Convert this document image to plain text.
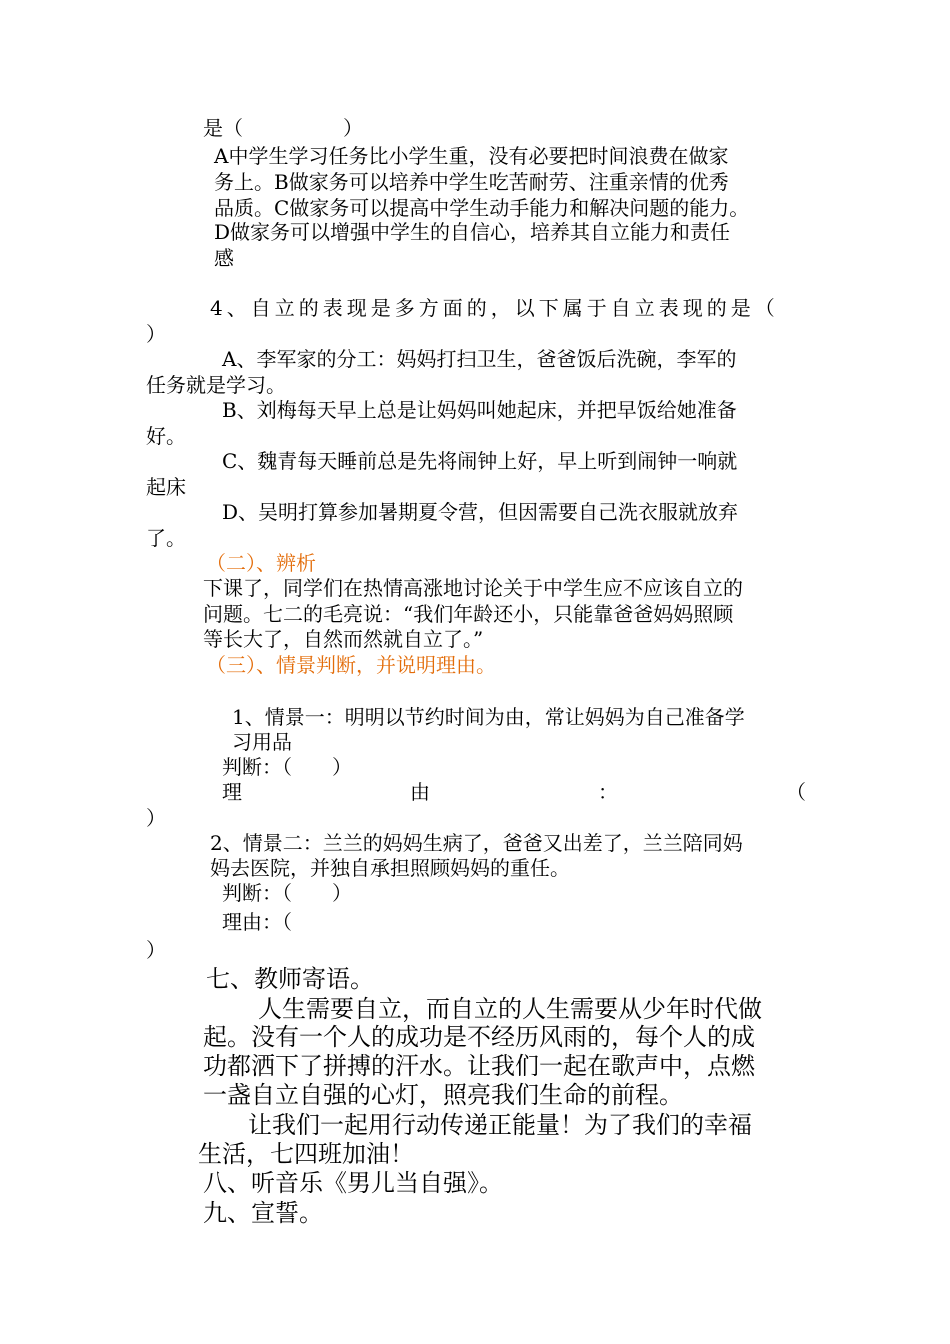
是（　　　　　）
A中学生学习任务比小学生重，没有必要把时间浪费在做家
务上。B做家务可以培养中学生吃苦耐劳、注重亲情的优秀
品质。C做家务可以提高中学生动手能力和解决问题的能力。
D做家务可以增强中学生的自信心，培养其自立能力和责任
感
4、自立的表现是多方面的，以下属于自立表现的是（
）
A、李军家的分工：妈妈打扫卫生，爸爸饭后洗碗，李军的
任务就是学习。
B、刘梅每天早上总是让妈妈叫她起床，并把早饭给她准备
好。
C、魏青每天睡前总是先将闹钟上好，早上听到闹钟一响就
起床
D、吴明打算参加暑期夏令营，但因需要自己洗衣服就放弃
了。
（二）、辨析
下课了，同学们在热情高涨地讨论关于中学生应不应该自立的
问题。七二的毛亮说：“我们年龄还小，只能靠爸爸妈妈照顾
等长大了，自然而然就自立了。”
（三）、情景判断，并说明理由。
1、情景一：明明以节约时间为由，常让妈妈为自己准备学
习用品
判断：（　　）
理	由	：	（
）
2、情景二：兰兰的妈妈生病了，爸爸又出差了，兰兰陪同妈
妈去医院，并独自承担照顾妈妈的重任。
判断：（　　）
理由：（
）
七、教师寄语。
人生需要自立，而自立的人生需要从少年时代做
起。没有一个人的成功是不经历风雨的，每个人的成
功都洒下了拼搏的汗水。让我们一起在歌声中，点燃
一盏自立自强的心灯，照亮我们生命的前程。
让我们一起用行动传递正能量！为了我们的幸福
生活，七四班加油！
八、听音乐《男儿当自强》。
九、宣誓。
